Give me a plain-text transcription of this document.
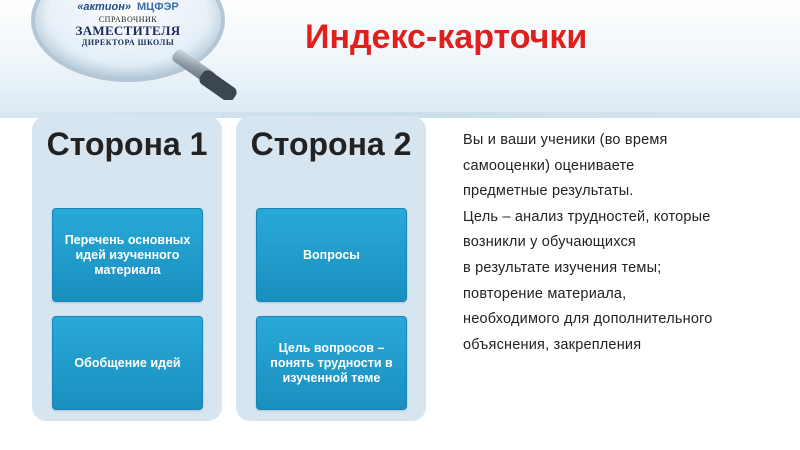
«актион» МЦФЭР
СПРАВОЧНИК
ЗАМЕСТИТЕЛЯ
ДИРЕКТОРА ШКОЛЫ	Индекс-карточки
Сторона 1
Перечень основных идей изученного материала
Обобщение идей
Сторона 2
Вопросы
Цель вопросов – понять трудности в изученной теме
Вы и ваши ученики (во время
самооценки) оцениваете
предметные результаты.
Цель – анализ трудностей, которые
возникли у обучающихся
в результате изучения темы;
повторение материала,
необходимого для дополнительного
объяснения, закрепления
